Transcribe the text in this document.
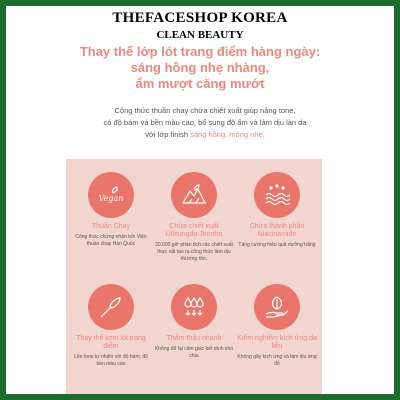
THEFACESHOP KOREA
CLEAN BEAUTY
Thay thế lớp lót trang điểm hàng ngày:
sáng hồng nhẹ nhàng,
ẩm mượt căng mướt
Công thức thuần chay chứa chiết xuất giúp nâng tone,
có độ bám và bền màu cao, bổ sung độ ẩm và làm dịu làn da
với lớp finish sáng hồng, mỏng nhẹ.
Vegan
Thuần Chay
Công thức chứng nhận bởi Viện thuần chay Hàn Quốc
Chứa chiết xuất Ulleungdo Jeonho
20.000 giờ phân tích các chiết xuất thực vật tạo ra công thức làm dịu thương tổn.
Chứa thành phần Niacinamide
Tăng cường hiệu quả dưỡng trắng
Thay thế kem lót trang điểm
Lên tone tự nhiên với độ bám, độ bền màu cao
Thấm thấu nhanh
Không để lại cảm giác bết dính khó chịu
Kiểm nghiệm kích ứng da liễu
Không gây kích ứng và làm dịu ứng đỏ
